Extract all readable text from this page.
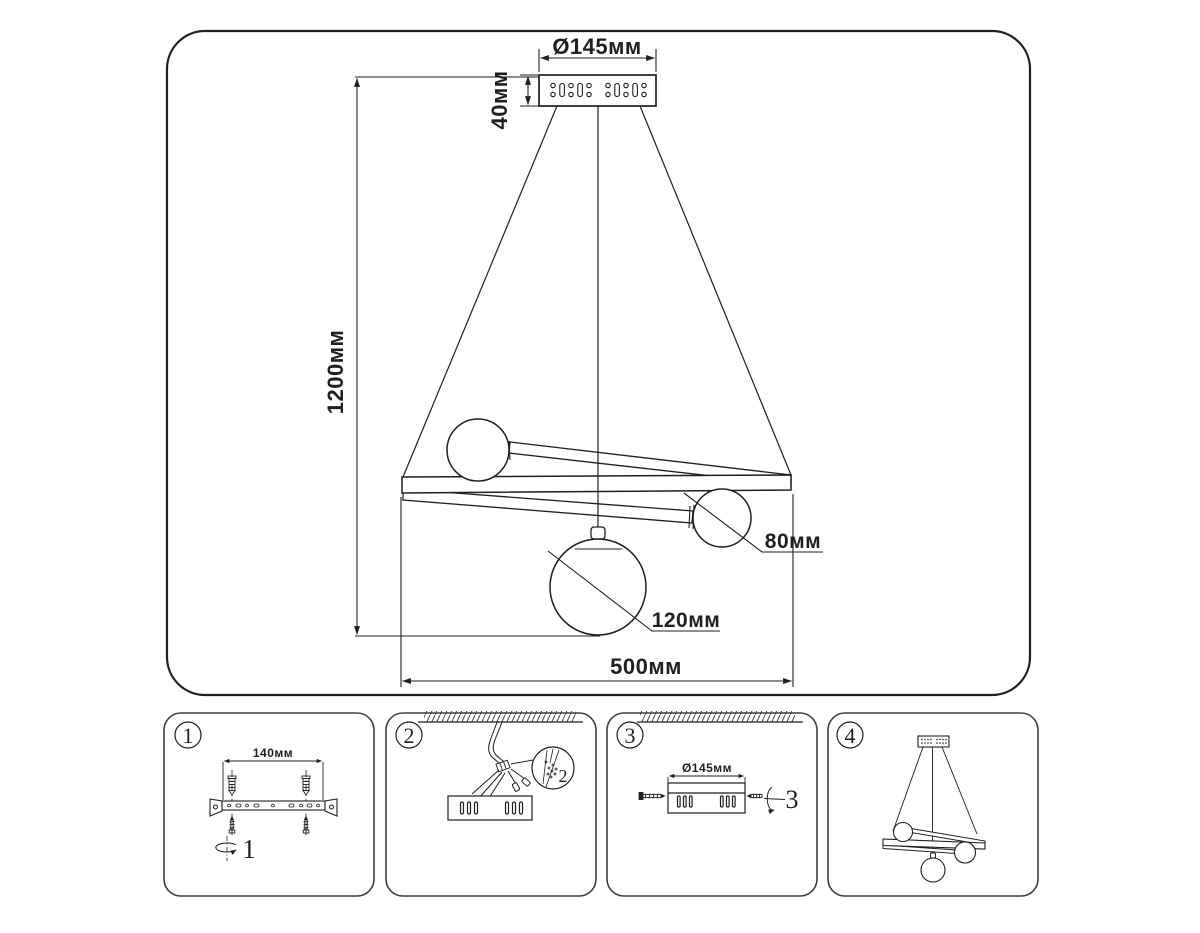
Ø145мм
40мм
1200мм
80мм
120мм
500мм
1
140мм
1
2
2
3
Ø145мм
3
4
